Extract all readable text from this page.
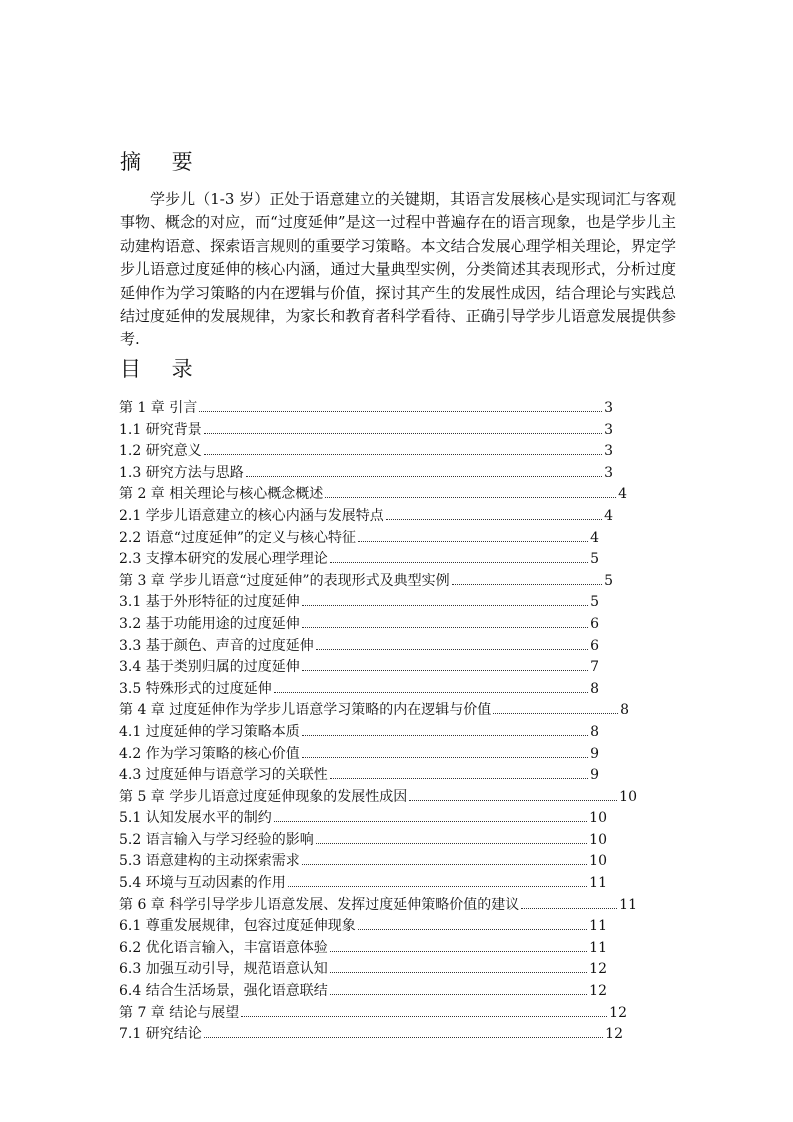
摘 要

学步儿（1-3 岁）正处于语意建立的关键期，其语言发展核心是实现词汇与客观事物、概念的对应，而“过度延伸”是这一过程中普遍存在的语言现象，也是学步儿主动建构语意、探索语言规则的重要学习策略。本文结合发展心理学相关理论，界定学步儿语意过度延伸的核心内涵，通过大量典型实例，分类简述其表现形式，分析过度延伸作为学习策略的内在逻辑与价值，探讨其产生的发展性成因，结合理论与实践总结过度延伸的发展规律，为家长和教育者科学看待、正确引导学步儿语意发展提供参考.

目 录
第 1 章 引言	3
1.1 研究背景	3
1.2 研究意义	3
1.3 研究方法与思路	3
第 2 章 相关理论与核心概念概述	4
2.1 学步儿语意建立的核心内涵与发展特点	4
2.2 语意“过度延伸”的定义与核心特征	4
2.3 支撑本研究的发展心理学理论	5
第 3 章 学步儿语意“过度延伸”的表现形式及典型实例	5
3.1 基于外形特征的过度延伸	5
3.2 基于功能用途的过度延伸	6
3.3 基于颜色、声音的过度延伸	6
3.4 基于类别归属的过度延伸	7
3.5 特殊形式的过度延伸	8
第 4 章 过度延伸作为学步儿语意学习策略的内在逻辑与价值	8
4.1 过度延伸的学习策略本质	8
4.2 作为学习策略的核心价值	9
4.3 过度延伸与语意学习的关联性	9
第 5 章 学步儿语意过度延伸现象的发展性成因	10
5.1 认知发展水平的制约	10
5.2 语言输入与学习经验的影响	10
5.3 语意建构的主动探索需求	10
5.4 环境与互动因素的作用	11
第 6 章 科学引导学步儿语意发展、发挥过度延伸策略价值的建议	11
6.1 尊重发展规律，包容过度延伸现象	11
6.2 优化语言输入，丰富语意体验	11
6.3 加强互动引导，规范语意认知	12
6.4 结合生活场景，强化语意联结	12
第 7 章 结论与展望	12
7.1 研究结论	12
